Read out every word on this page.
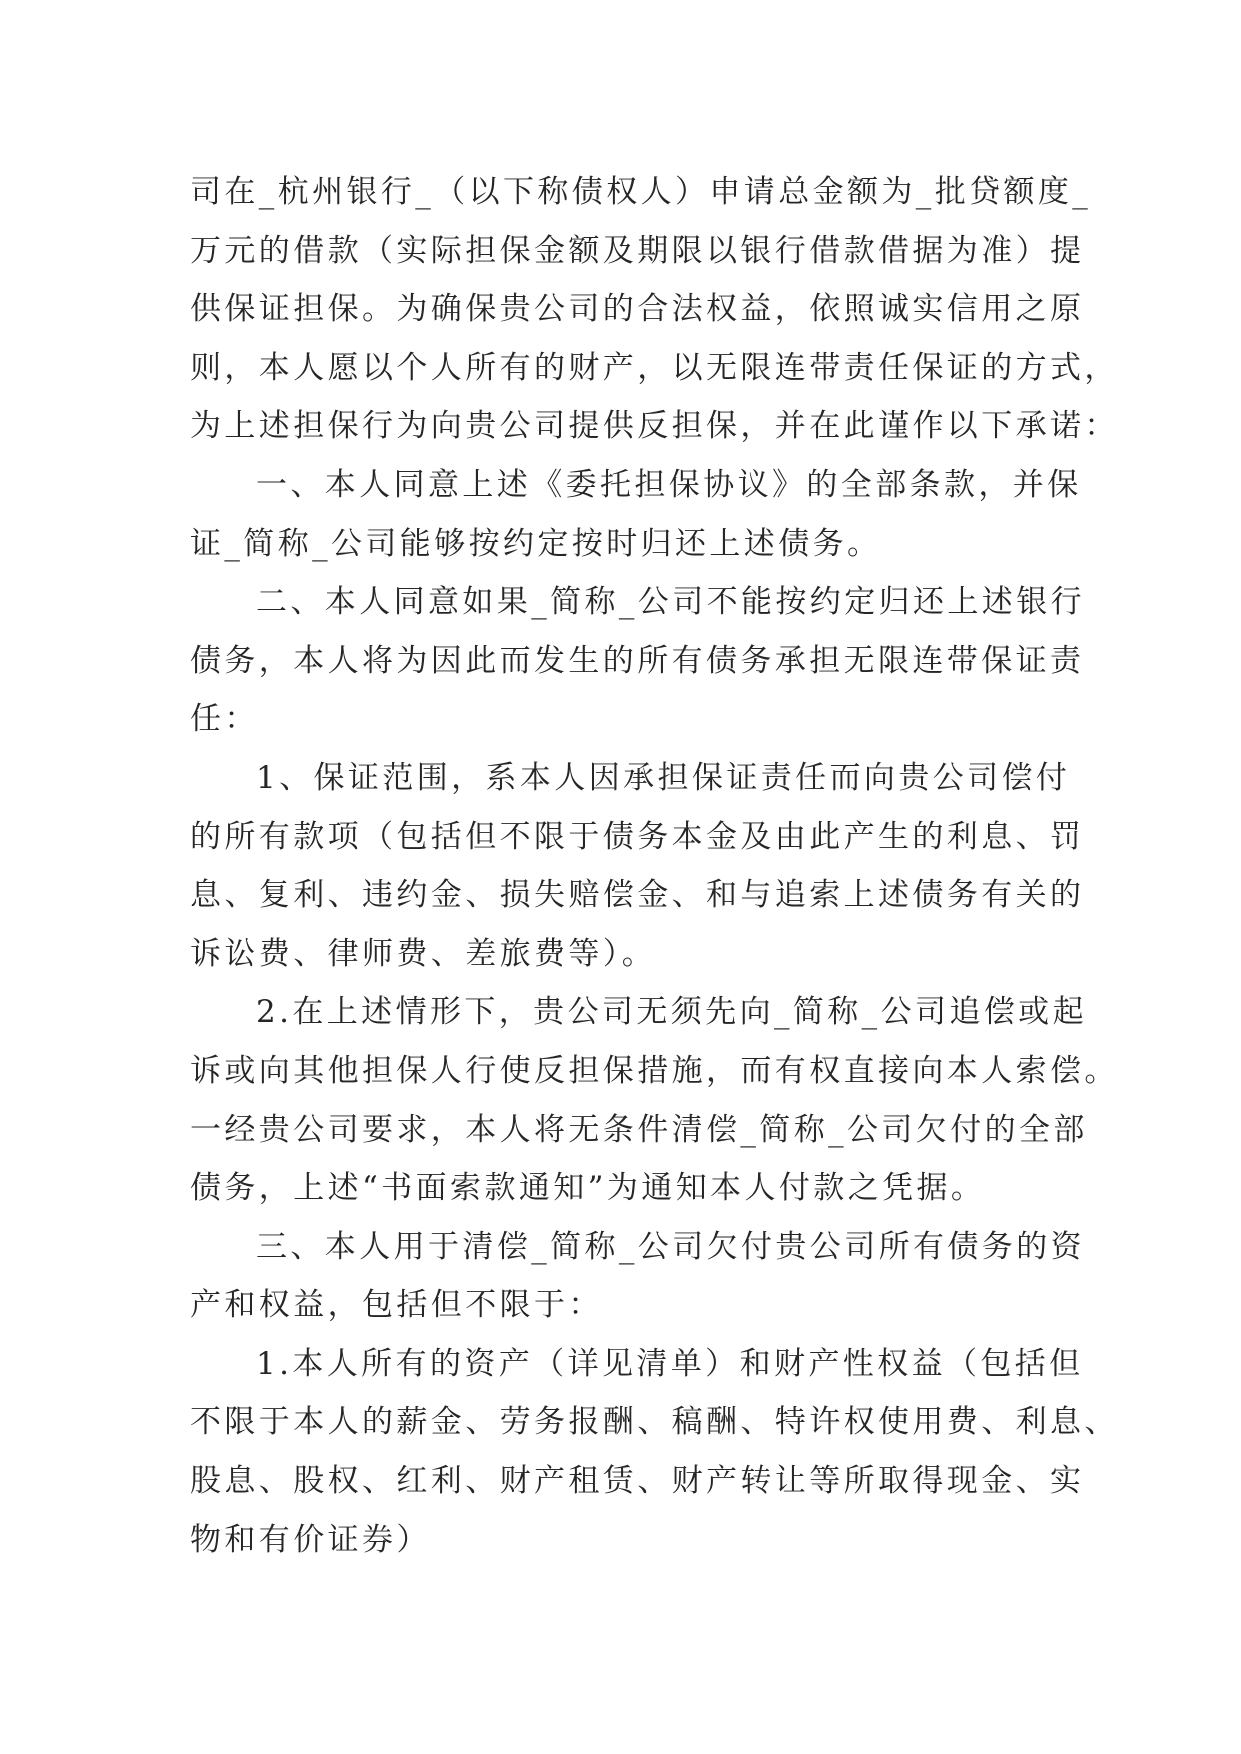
司在_杭州银行_（以下称债权人）申请总金额为_批贷额度_
万元的借款（实际担保金额及期限以银行借款借据为准）提
供保证担保。为确保贵公司的合法权益，依照诚实信用之原
则，本人愿以个人所有的财产，以无限连带责任保证的方式，
为上述担保行为向贵公司提供反担保，并在此谨作以下承诺：
一、本人同意上述《委托担保协议》的全部条款，并保
证_简称_公司能够按约定按时归还上述债务。
二、本人同意如果_简称_公司不能按约定归还上述银行
债务，本人将为因此而发生的所有债务承担无限连带保证责
任：
1、保证范围，系本人因承担保证责任而向贵公司偿付
的所有款项（包括但不限于债务本金及由此产生的利息、罚
息、复利、违约金、损失赔偿金、和与追索上述债务有关的
诉讼费、律师费、差旅费等）。
2.在上述情形下，贵公司无须先向_简称_公司追偿或起
诉或向其他担保人行使反担保措施，而有权直接向本人索偿。
一经贵公司要求，本人将无条件清偿_简称_公司欠付的全部
债务，上述“书面索款通知”为通知本人付款之凭据。
三、本人用于清偿_简称_公司欠付贵公司所有债务的资
产和权益，包括但不限于：
1.本人所有的资产（详见清单）和财产性权益（包括但
不限于本人的薪金、劳务报酬、稿酬、特许权使用费、利息、
股息、股权、红利、财产租赁、财产转让等所取得现金、实
物和有价证券）
